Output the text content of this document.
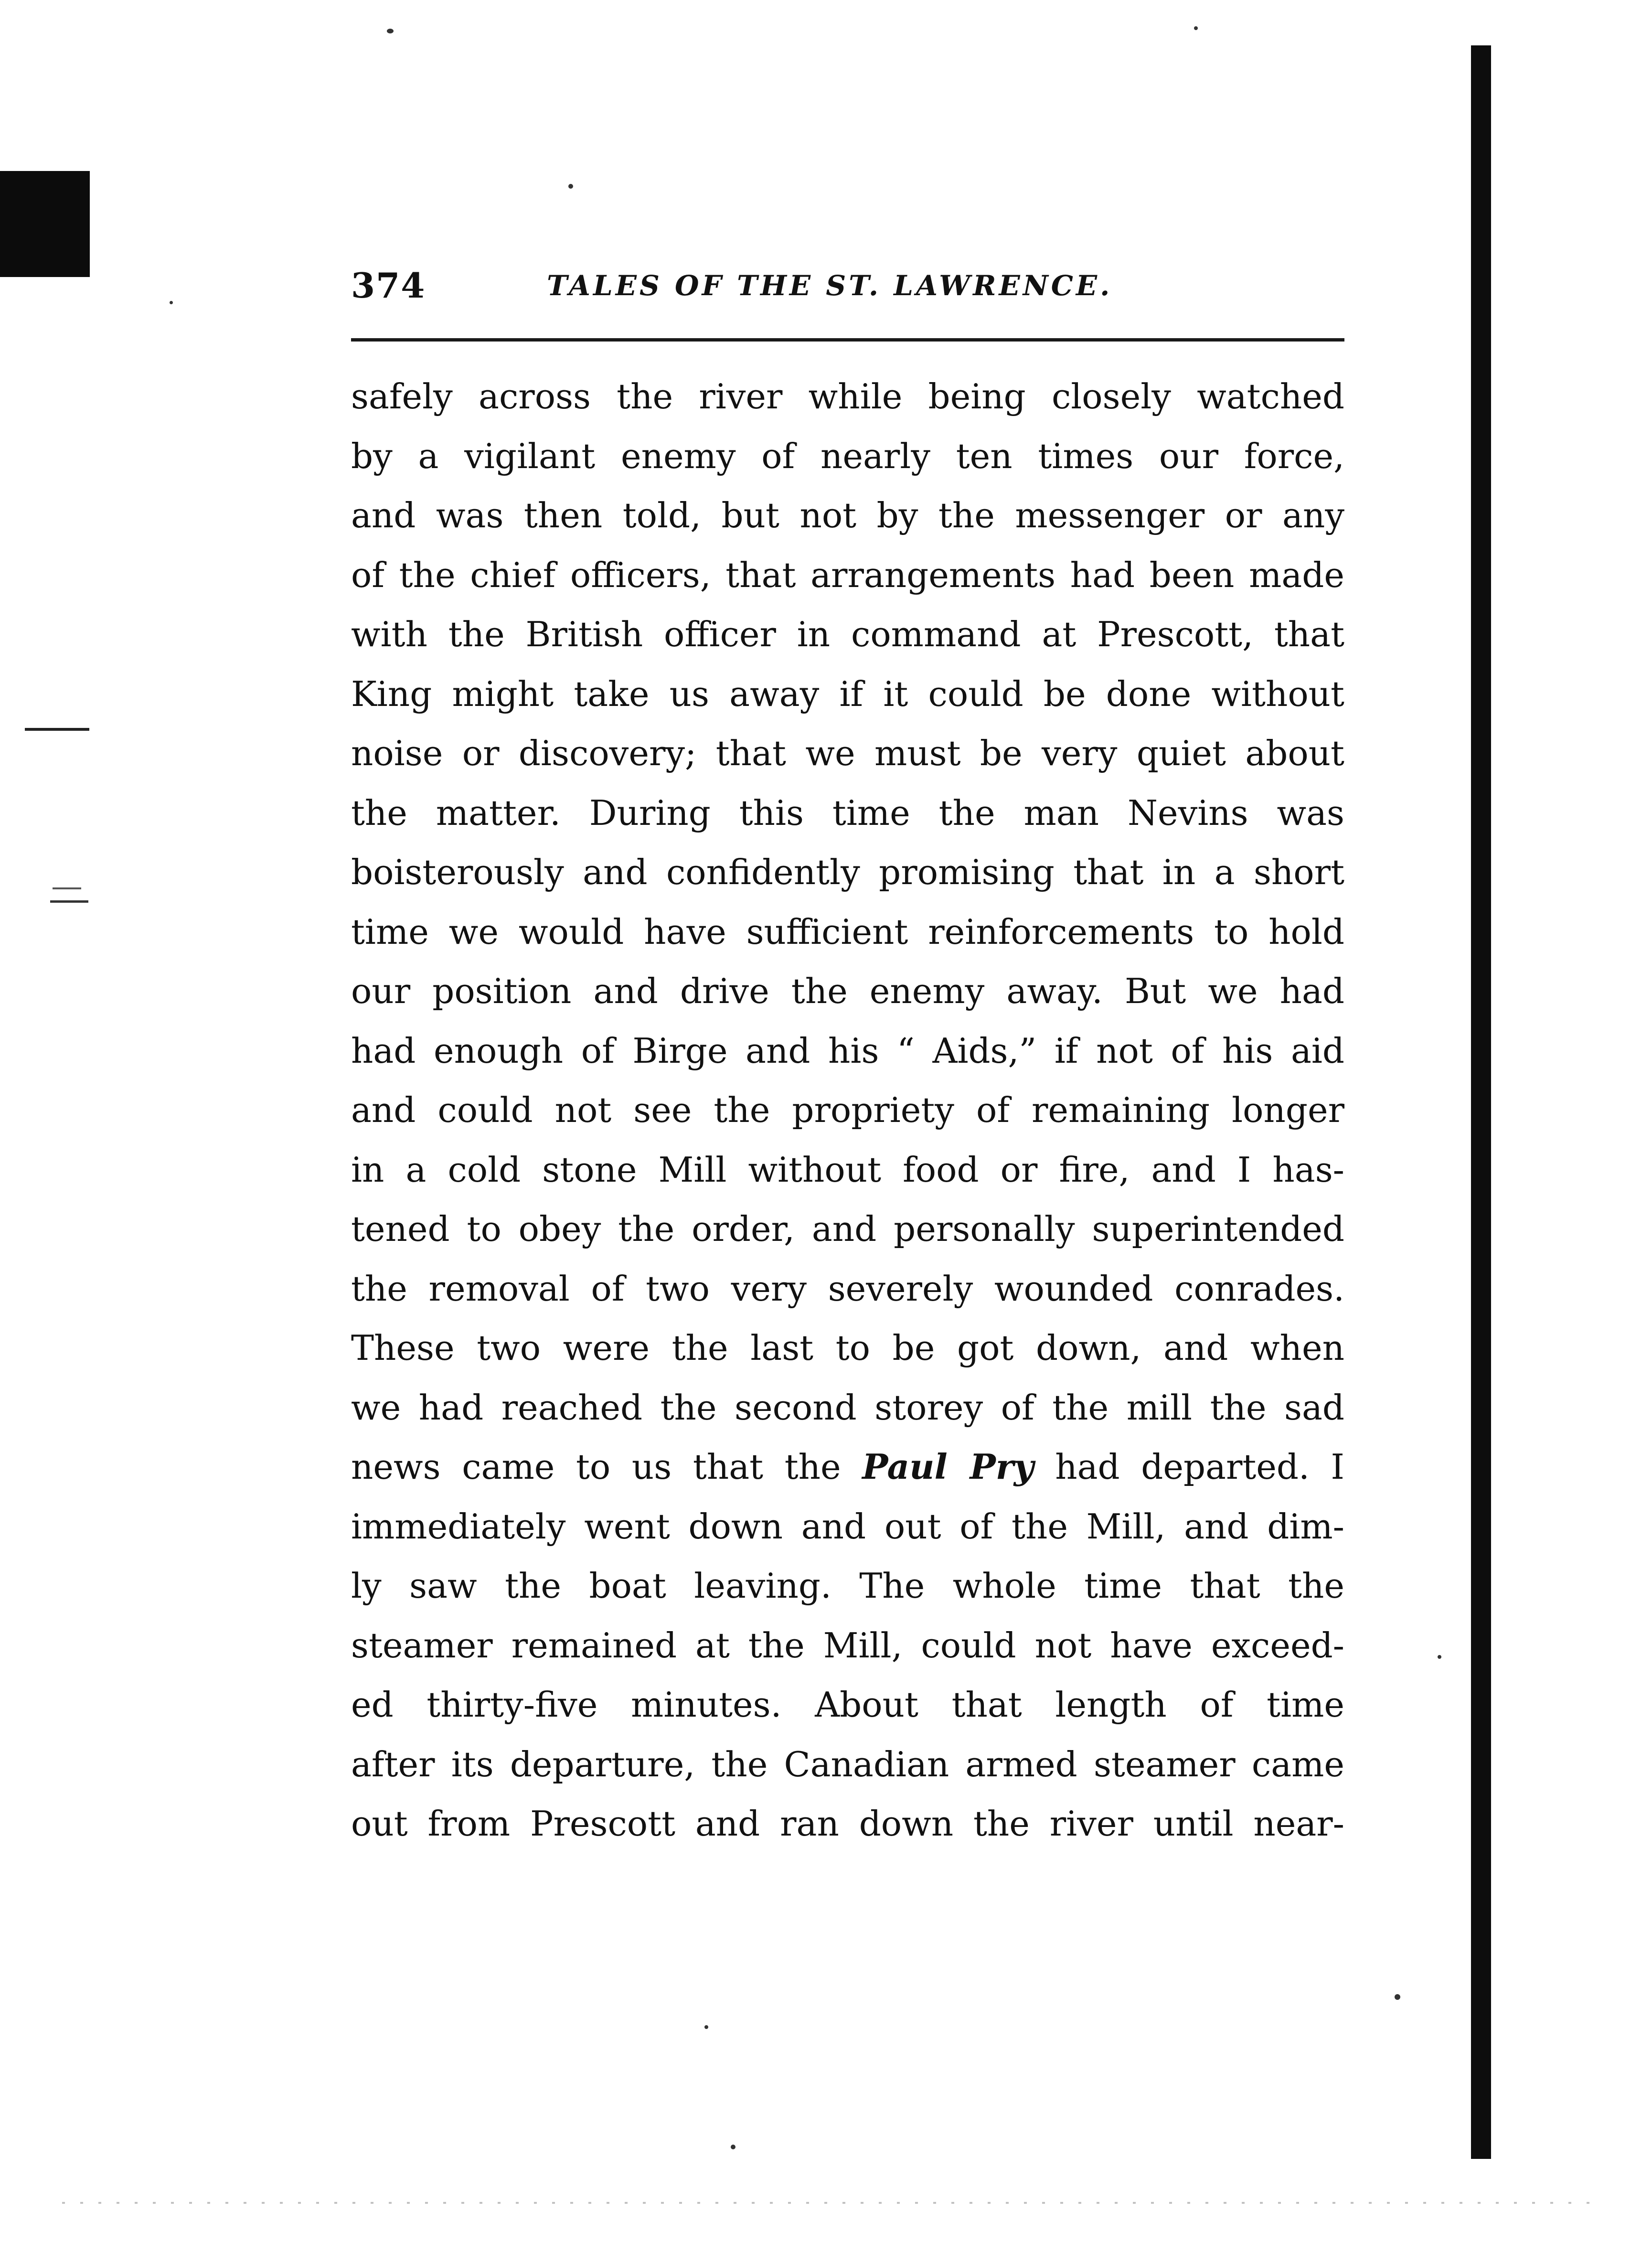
374	TALES OF THE ST. LAWRENCE.
safely across the river while being closely watched
by a vigilant enemy of nearly ten times our force,
and was then told, but not by the messenger or any
of the chief officers, that arrangements had been made
with the British officer in command at Prescott, that
King might take us away if it could be done without
noise or discovery; that we must be very quiet about
the matter. During this time the man Nevins was
boisterously and confidently promising that in a short
time we would have sufficient reinforcements to hold
our position and drive the enemy away. But we had
had enough of Birge and his “ Aids,” if not of his aid
and could not see the propriety of remaining longer
in a cold stone Mill without food or fire, and I has-
tened to obey the order, and personally superintended
the removal of two very severely wounded conrades.
These two were the last to be got down, and when
we had reached the second storey of the mill the sad
news came to us that the Paul Pry had departed. I
immediately went down and out of the Mill, and dim-
ly saw the boat leaving. The whole time that the
steamer remained at the Mill, could not have exceed-
ed thirty-five minutes. About that length of time
after its departure, the Canadian armed steamer came
out from Prescott and ran down the river until near-
